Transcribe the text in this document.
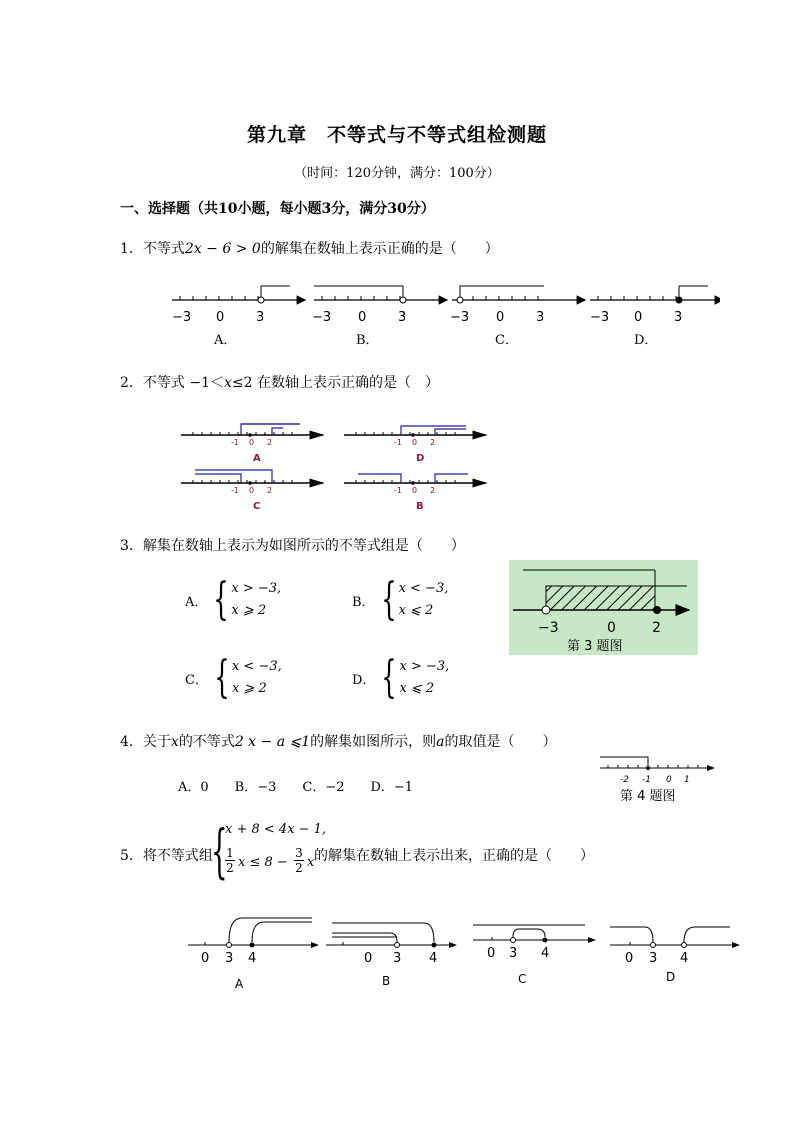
第九章　不等式与不等式组检测题
（时间：120分钟，满分：100分）
一、选择题（共10小题，每小题3分，满分30分）
1．不等式2x − 6 > 0的解集在数轴上表示正确的是（　　）
−3 0 3	−3 0 3	−3 0 3	−3 0 3
A．	B．	C．	D．
2．不等式 −1＜x≤2 在数轴上表示正确的是（　）
-1 0 2
A
-1 0 2
D
-1 0 2
C
-1 0 2
B
3．解集在数轴上表示为如图所示的不等式组是（　　）
A． { x > −3,
x ⩾ 2
B． { x < −3,
x ⩽ 2
C． { x < −3,
x ⩾ 2
D． { x > −3,
x ⩽ 2
−3	0	2
第 3 题图
4．关于x的不等式2 x − a ⩽1的解集如图所示，则a的取值是（　　）
A．0　　B．−3　　C．−2　　D．−1	-2 -1 0 1
第 4 题图
5．将不等式组
{
x + 8 < 4x − 1,
1
2 x ≤ 8 −
3
2 x 的解集在数轴上表示出来，正确的是（　　）
0 3 4
A
0 3 4
B
0 3 4
C
0 3 4
D
